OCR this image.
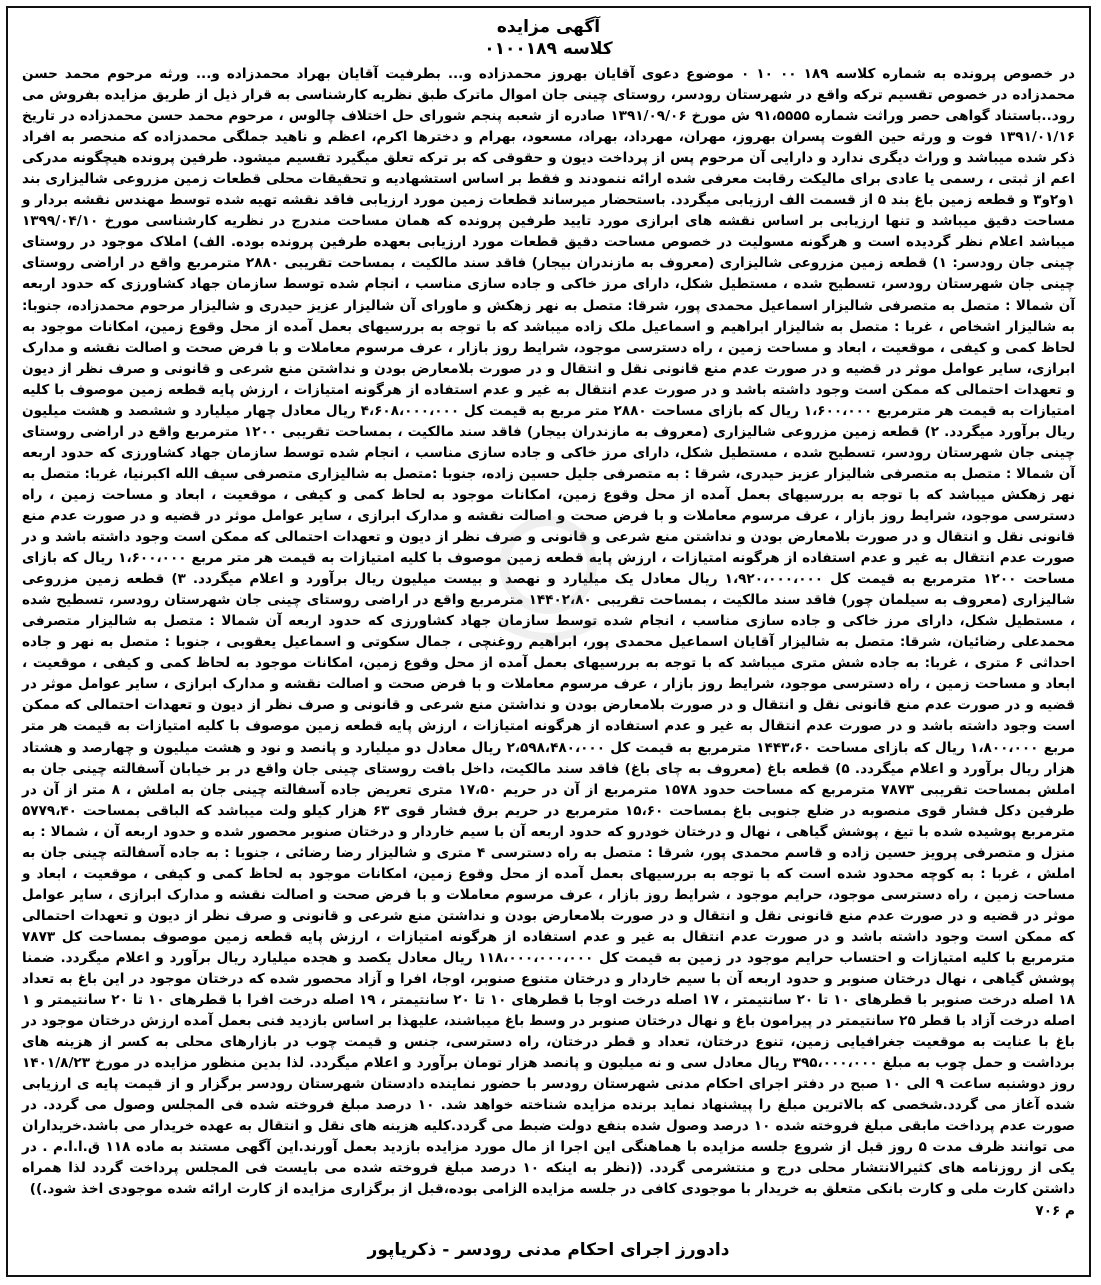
آگهی مزایده
کلاسه ۰۱۰۰۱۸۹

در خصوص پرونده به شماره کلاسه ۱۸۹ ۰۰ ۱۰ ۰ موضوع دعوی آقایان بهروز محمدزاده و... بطرفیت آقایان بهراد محمدزاده و... ورثه مرحوم محمد حسن محمدزاده در خصوص تقسیم ترکه واقع در شهرستان رودسر، روستای چینی جان اموال ماترک طبق نظریه کارشناسی به قرار ذیل از طریق مزایده بفروش می رود..باستناد گواهی حصر وراثت شماره ۹۱،۵۵۵۵ ش مورخ ۱۳۹۱/۰۹/۰۶ صادره از شعبه پنجم شورای حل اختلاف چالوس ، مرحوم محمد حسن محمدزاده در تاریخ ۱۳۹۱/۰۱/۱۶ فوت و ورثه حین الفوت پسران بهروز، مهران، مهرداد، بهراد، مسعود، بهرام و دخترها اکرم، اعظم و ناهید جملگی محمدزاده که منحصر به افراد ذکر شده میباشد و وراث دیگری ندارد و دارایی آن مرحوم پس از پرداخت دیون و حقوقی که بر ترکه تعلق میگیرد تقسیم میشود. طرفین پرونده هیچگونه مدرکی اعم از ثبتی ، رسمی یا عادی برای مالیکت رقابت معرفی شده ارائه ننمودند و فقط بر اساس استشهادیه و تحقیقات محلی قطعات زمین مزروعی شالیزاری بند ۱و۲و۳ و قطعه زمین باغ بند ۵ از قسمت الف ارزیابی میگردد. باستحضار میرساند قطعات زمین مورد ارزیابی فاقد نقشه تهیه شده توسط مهندس نقشه بردار و مساحت دقیق میباشد و تنها ارزیابی بر اساس نقشه های ابرازی مورد تایید طرفین پرونده که همان مساحت مندرج در نظریه کارشناسی مورخ ۱۳۹۹/۰۴/۱۰ میباشد اعلام نظر گردیده است و هرگونه مسولیت در خصوص مساحت دقیق قطعات مورد ارزیابی بعهده طرفین پرونده بوده. الف) املاک موجود در روستای چینی جان رودسر: ۱) قطعه زمین مزروعی شالیزاری (معروف به مازندران بیجار) فاقد سند مالکیت ، بمساحت تقریبی ۲۸۸۰ مترمربع واقع در اراضی روستای چینی جان شهرستان رودسر، تسطیح شده ، مستطیل شکل، دارای مرز خاکی و جاده سازی مناسب ، انجام شده توسط سازمان جهاد کشاورزی که حدود اربعه آن شمالا : متصل به متصرفی شالیزار اسماعیل محمدی پور، شرقا: متصل به نهر زهکش و ماورای آن شالیزار عزیز حیدری و شالیزار مرحوم محمدزاده، جنوبا: به شالیزار اشخاص ، غربا : متصل به شالیزار ابراهیم و اسماعیل ملک زاده میباشد که با توجه به بررسیهای بعمل آمده از محل وقوع زمین، امکانات موجود به لحاظ کمی و کیفی ، موقعیت ، ابعاد و مساحت زمین ، راه دسترسی موجود، شرایط روز بازار ، عرف مرسوم معاملات و با فرض صحت و اصالت نقشه و مدارک ابرازی، سایر عوامل موثر در قضیه و در صورت عدم منع قانونی نقل و انتقال و در صورت بلامعارض بودن و نداشتن منع شرعی و قانونی و صرف نظر از دیون و تعهدات احتمالی که ممکن است وجود داشته باشد و در صورت عدم انتقال به غیر و عدم استفاده از هرگونه امتیازات ، ارزش پایه قطعه زمین موصوف با کلیه امتیازات به قیمت هر مترمربع ۱،۶۰۰،۰۰۰ ریال که بازای مساحت ۲۸۸۰ متر مربع به قیمت کل ۴،۶۰۸،۰۰۰،۰۰۰ ریال معادل چهار میلیارد و ششصد و هشت میلیون ریال برآورد میگردد. ۲) قطعه زمین مزروعی شالیزاری (معروف به مازندران بیجار) فاقد سند مالکیت ، بمساحت تقریبی ۱۲۰۰ مترمربع واقع در اراضی روستای چینی جان شهرستان رودسر، تسطیح شده ، مستطیل شکل، دارای مرز خاکی و جاده سازی مناسب ، انجام شده توسط سازمان جهاد کشاورزی که حدود اربعه آن شمالا : متصل به متصرفی شالیزار عزیز حیدری، شرقا : به متصرفی جلیل حسین زاده، جنوبا :متصل به شالیزاری متصرفی سیف الله اکبرنیا، غربا: متصل به نهر زهکش میباشد که با توجه به بررسیهای بعمل آمده از محل وقوع زمین، امکانات موجود به لحاظ کمی و کیفی ، موقعیت ، ابعاد و مساحت زمین ، راه دسترسی موجود، شرایط روز بازار ، عرف مرسوم معاملات و با فرض صحت و اصالت نقشه و مدارک ابرازی ، سایر عوامل موثر در قضیه و در صورت عدم منع قانونی نقل و انتقال و در صورت بلامعارض بودن و نداشتن منع شرعی و قانونی و صرف نظر از دیون و تعهدات احتمالی که ممکن است وجود داشته باشد و در صورت عدم انتقال به غیر و عدم استفاده از هرگونه امتیازات ، ارزش پایه قطعه زمین موصوف با کلیه امتیازات به قیمت هر متر مربع ۱،۶۰۰،۰۰۰ ریال که بازای مساحت ۱۲۰۰ مترمربع به قیمت کل ۱،۹۲۰،۰۰۰،۰۰۰ ریال معادل یک میلیارد و نهصد و بیست میلیون ریال برآورد و اعلام میگردد. ۳) قطعه زمین مزروعی شالیزاری (معروف به سیلمان چور) فاقد سند مالکیت ، بمساحت تقریبی ۱۴۴۰۲،۸۰ مترمربع واقع در اراضی روستای چینی جان شهرستان رودسر، تسطیح شده ، مستطیل شکل، دارای مرز خاکی و جاده سازی مناسب ، انجام شده توسط سازمان جهاد کشاورزی که حدود اربعه آن شمالا : متصل به شالیزار متصرفی محمدعلی رضائیان، شرقا: متصل به شالیزار آقایان اسماعیل محمدی پور، ابراهیم روغنچی ، جمال سکوتی و اسماعیل یعقوبی ، جنوبا : متصل به نهر و جاده احداثی ۶ متری ، غربا: به جاده شش متری میباشد که با توجه به بررسیهای بعمل آمده از محل وقوع زمین، امکانات موجود به لحاظ کمی و کیفی ، موقعیت ، ابعاد و مساحت زمین ، راه دسترسی موجود، شرایط روز بازار ، عرف مرسوم معاملات و با فرض صحت و اصالت نقشه و مدارک ابرازی ، سایر عوامل موثر در قضیه و در صورت عدم منع قانونی نقل و انتقال و در صورت بلامعارض بودن و نداشتن منع شرعی و قانونی و صرف نظر از دیون و تعهدات احتمالی که ممکن است وجود داشته باشد و در صورت عدم انتقال به غیر و عدم استفاده از هرگونه امتیازات ، ارزش پایه قطعه زمین موصوف با کلیه امتیازات به قیمت هر متر مربع ۱،۸۰۰،۰۰۰ ریال که بازای مساحت ۱۴۴۳،۶۰ مترمربع به قیمت کل ۲،۵۹۸،۴۸۰،۰۰۰ ریال معادل دو میلیارد و پانصد و نود و هشت میلیون و چهارصد و هشتاد هزار ریال برآورد و اعلام میگردد. ۵) قطعه باغ (معروف به چای باغ) فاقد سند مالکیت، داخل بافت روستای چینی جان واقع در بر خیابان آسفالته چینی جان به املش بمساحت تقریبی ۷۸۷۳ مترمربع که مساحت حدود ۱۵۷۸ مترمربع از آن در حریم ۱۷،۵۰ متری تعریض جاده آسفالته چینی جان به املش ، ۸ متر از آن در طرفین دکل فشار قوی منصوبه در ضلع جنوبی باغ بمساحت ۱۵،۶۰ مترمربع در حریم برق فشار قوی ۶۳ هزار کیلو ولت میباشد که الباقی بمساحت ۵۷۷۹،۴۰ مترمربع پوشیده شده با تیغ ، پوشش گیاهی ، نهال و درختان خودرو که حدود اربعه آن با سیم خاردار و درختان صنوبر محصور شده و حدود اربعه آن ، شمالا : به منزل و متصرفی پرویز حسین زاده و قاسم محمدی پور، شرقا : متصل به راه دسترسی ۴ متری و شالیزار رضا رضائی ، جنوبا : به جاده آسفالته چینی جان به املش ، غربا : به کوچه محدود شده است که با توجه به بررسیهای بعمل آمده از محل وقوع زمین، امکانات موجود به لحاظ کمی و کیفی ، موقعیت ، ابعاد و مساحت زمین ، راه دسترسی موجود، حرایم موجود ، شرایط روز بازار ، عرف مرسوم معاملات و با فرض صحت و اصالت نقشه و مدارک ابرازی ، سایر عوامل موثر در قضیه و در صورت عدم منع قانونی نقل و انتقال و در صورت بلامعارض بودن و نداشتن منع شرعی و قانونی و صرف نظر از دیون و تعهدات احتمالی که ممکن است وجود داشته باشد و در صورت عدم انتقال به غیر و عدم استفاده از هرگونه امتیازات ، ارزش پایه قطعه زمین موصوف بمساحت کل ۷۸۷۳ مترمربع با کلیه امتیازات و احتساب حرایم موجود در زمین به قیمت کل ۱۱۸،۰۰۰،۰۰۰،۰۰۰ ریال معادل یکصد و هجده میلیارد ریال برآورد و اعلام میگردد. ضمنا پوشش گیاهی ، نهال درختان صنوبر و حدود اربعه آن با سیم خاردار و درختان متنوع صنوبر، اوجا، افرا و آزاد محصور شده که درختان موجود در این باغ به تعداد ۱۸ اصله درخت صنوبر با قطرهای ۱۰ تا ۲۰ سانتیمتر ، ۱۷ اصله درخت اوجا با قطرهای ۱۰ تا ۲۰ سانتیمتر ، ۱۹ اصله درخت افرا با قطرهای ۱۰ تا ۲۰ سانتیمتر و ۱ اصله درخت آزاد با قطر ۲۵ سانتیمتر در پیرامون باغ و نهال درختان صنوبر در وسط باغ میباشند، علیهذا بر اساس بازدید فنی بعمل آمده ارزش درختان موجود در باغ با عنایت به موقعیت جغرافیایی زمین، تنوع درختان، تعداد و قطر درختان، راه دسترسی، جنس و قیمت چوب در بازارهای محلی به کسر از هزینه های برداشت و حمل چوب به مبلغ ۳۹۵،۰۰۰،۰۰۰ ریال معادل سی و نه میلیون و پانصد هزار تومان برآورد و اعلام میگردد. لذا بدین منظور مزایده در مورخ ۱۴۰۱/۸/۲۳ روز دوشنبه ساعت ۹ الی ۱۰ صبح در دفتر اجرای احکام مدنی شهرستان رودسر با حضور نماینده دادستان شهرستان رودسر برگزار و از قیمت پایه ی ارزیابی شده آغاز می گردد.شخصی که بالاترین مبلغ را پیشنهاد نماید برنده مزایده شناخته خواهد شد. ۱۰ درصد مبلغ فروخته شده فی المجلس وصول می گردد. در صورت عدم پرداخت مابقی مبلغ فروخته شده ۱۰ درصد وصول شده بنفع دولت ضبط می گردد.کلیه هزینه های نقل و انتقال به عهده خریدار می باشد.خریداران می توانند ظرف مدت ۵ روز قبل از شروع جلسه مزایده با هماهنگی این اجرا از مال مورد مزایده بازدید بعمل آورند.این آگهی مستند به ماده ۱۱۸ ق.ا.ا.م . در یکی از روزنامه های کثیرالانتشار محلی درج و منتشرمی گردد. ((نظر به اینکه ۱۰ درصد مبلغ فروخته شده می بایست فی المجلس پرداخت گردد لذا همراه داشتن کارت ملی و کارت بانکی متعلق به خریدار با موجودی کافی در جلسه مزایده الزامی بوده،قبل از برگزاری مزایده از کارت ارائه شده موجودی اخذ شود.))

م ۷۰۶
دادورز اجرای احکام مدنی رودسر - ذکریاپور
